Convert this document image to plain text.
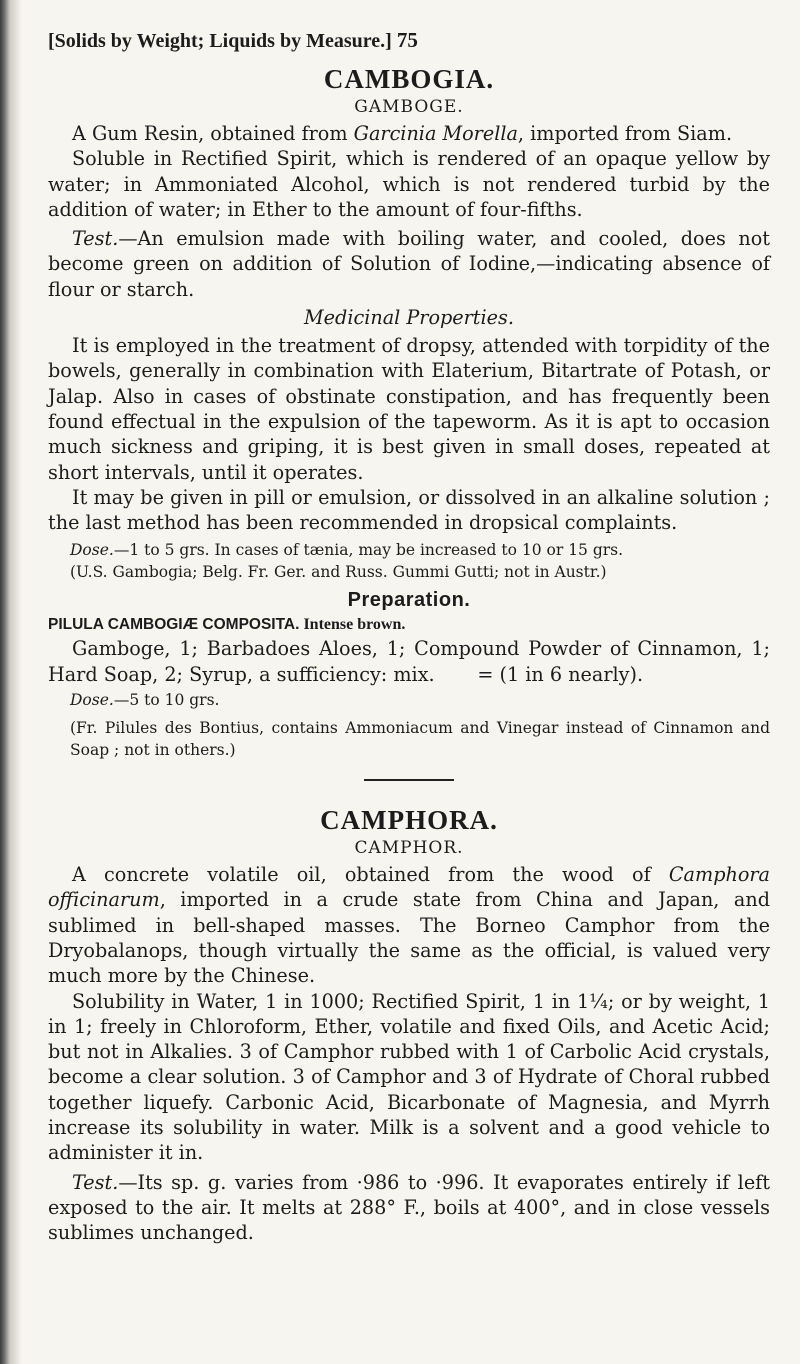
[Solids by Weight; Liquids by Measure.] 75
CAMBOGIA.
GAMBOGE.

A Gum Resin, obtained from Garcinia Morella, imported from Siam.

Soluble in Rectified Spirit, which is rendered of an opaque yellow by water; in Ammoniated Alcohol, which is not rendered turbid by the addition of water; in Ether to the amount of four-fifths.

Test.—An emulsion made with boiling water, and cooled, does not become green on addition of Solution of Iodine,—indicating absence of flour or starch.

Medicinal Properties.

It is employed in the treatment of dropsy, attended with torpidity of the bowels, generally in combination with Elaterium, Bitartrate of Potash, or Jalap. Also in cases of obstinate constipation, and has frequently been found effectual in the expulsion of the tapeworm. As it is apt to occasion much sickness and griping, it is best given in small doses, repeated at short intervals, until it operates.

It may be given in pill or emulsion, or dissolved in an alkaline solution ; the last method has been recommended in dropsical complaints.

Dose.—1 to 5 grs. In cases of tænia, may be increased to 10 or 15 grs.

(U.S. Gambogia; Belg. Fr. Ger. and Russ. Gummi Gutti; not in Austr.)

Preparation.
PILULA CAMBOGIÆ COMPOSITA. Intense brown.

Gamboge, 1; Barbadoes Aloes, 1; Compound Powder of Cinnamon, 1; Hard Soap, 2; Syrup, a sufficiency: mix. = (1 in 6 nearly).

Dose.—5 to 10 grs.

(Fr. Pilules des Bontius, contains Ammoniacum and Vinegar instead of Cinnamon and Soap ; not in others.)

CAMPHORA.
CAMPHOR.

A concrete volatile oil, obtained from the wood of Camphora officinarum, imported in a crude state from China and Japan, and sublimed in bell-shaped masses. The Borneo Camphor from the Dryobalanops, though virtually the same as the official, is valued very much more by the Chinese.

Solubility in Water, 1 in 1000; Rectified Spirit, 1 in 1¼; or by weight, 1 in 1; freely in Chloroform, Ether, volatile and fixed Oils, and Acetic Acid; but not in Alkalies. 3 of Camphor rubbed with 1 of Carbolic Acid crystals, become a clear solution. 3 of Camphor and 3 of Hydrate of Choral rubbed together liquefy. Carbonic Acid, Bicarbonate of Magnesia, and Myrrh increase its solubility in water. Milk is a solvent and a good vehicle to administer it in.

Test.—Its sp. g. varies from ·986 to ·996. It evaporates entirely if left exposed to the air. It melts at 288° F., boils at 400°, and in close vessels sublimes unchanged.
